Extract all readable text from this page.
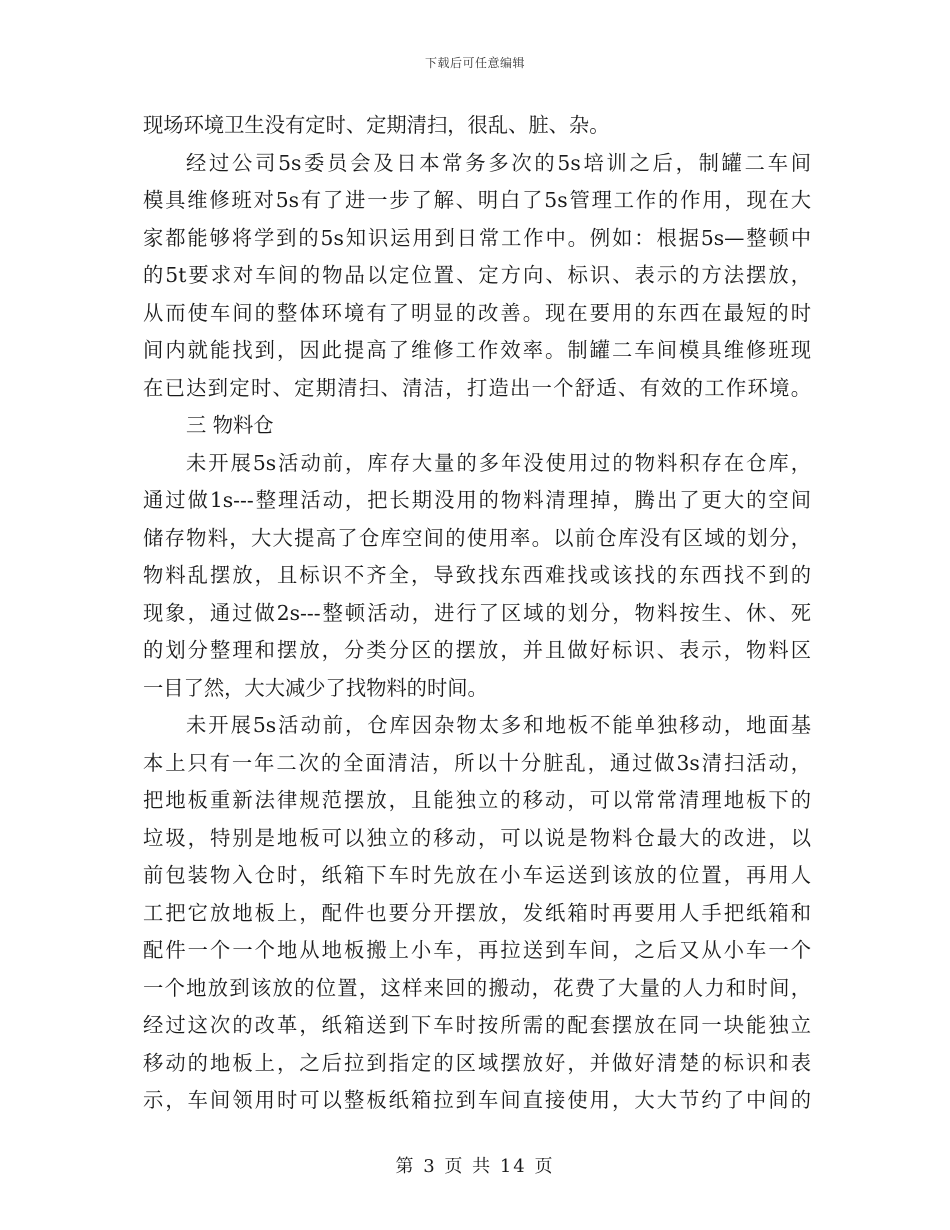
下载后可任意编辑
现场环境卫生没有定时、定期清扫，很乱、脏、杂。
经过公司5s委员会及日本常务多次的5s培训之后，制罐二车间
模具维修班对5s有了进一步了解、明白了5s管理工作的作用，现在大
家都能够将学到的5s知识运用到日常工作中。例如：根据5s—整顿中
的5t要求对车间的物品以定位置、定方向、标识、表示的方法摆放，
从而使车间的整体环境有了明显的改善。现在要用的东西在最短的时
间内就能找到，因此提高了维修工作效率。制罐二车间模具维修班现
在已达到定时、定期清扫、清洁，打造出一个舒适、有效的工作环境。
三 物料仓
未开展5s活动前，库存大量的多年没使用过的物料积存在仓库，
通过做1s---整理活动，把长期没用的物料清理掉，腾出了更大的空间
储存物料，大大提高了仓库空间的使用率。以前仓库没有区域的划分，
物料乱摆放，且标识不齐全，导致找东西难找或该找的东西找不到的
现象，通过做2s---整顿活动，进行了区域的划分，物料按生、休、死
的划分整理和摆放，分类分区的摆放，并且做好标识、表示，物料区
一目了然，大大减少了找物料的时间。
未开展5s活动前，仓库因杂物太多和地板不能单独移动，地面基
本上只有一年二次的全面清洁，所以十分脏乱，通过做3s清扫活动，
把地板重新法律规范摆放，且能独立的移动，可以常常清理地板下的
垃圾，特别是地板可以独立的移动，可以说是物料仓最大的改进，以
前包装物入仓时，纸箱下车时先放在小车运送到该放的位置，再用人
工把它放地板上，配件也要分开摆放，发纸箱时再要用人手把纸箱和
配件一个一个地从地板搬上小车，再拉送到车间，之后又从小车一个
一个地放到该放的位置，这样来回的搬动，花费了大量的人力和时间，
经过这次的改革，纸箱送到下车时按所需的配套摆放在同一块能独立
移动的地板上，之后拉到指定的区域摆放好，并做好清楚的标识和表
示，车间领用时可以整板纸箱拉到车间直接使用，大大节约了中间的
第 3 页 共 14 页
